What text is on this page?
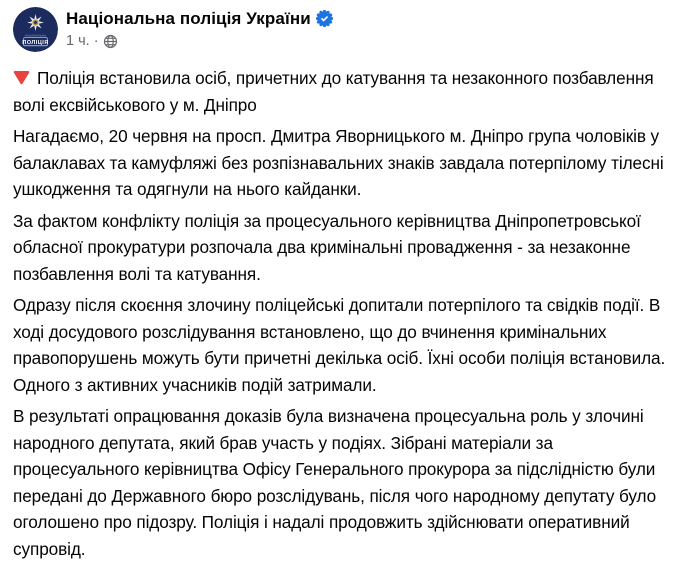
НАЦІОНАЛЬНА
ПОЛІЦІЯ
Національна поліція України
1 ч. ·

Поліція встановила осіб, причетних до катування та незаконного позбавлення волі ексвійськового у м. Дніпро

Нагадаємо, 20 червня на просп. Дмитра Яворницького м. Дніпро група чоловіків у балаклавах та камуфляжі без розпізнавальних знаків завдала потерпілому тілесні ушкодження та одягнули на нього кайданки.

За фактом конфлікту поліція за процесуального керівництва Дніпропетровської обласної прокуратури розпочала два кримінальні провадження - за незаконне позбавлення волі та катування.

Одразу після скоєння злочину поліцейські допитали потерпілого та свідків події. В ході досудового розслідування встановлено, що до вчинення кримінальних правопорушень можуть бути причетні декілька осіб. Їхні особи поліція встановила. Одного з активних учасників подій затримали.

В результаті опрацювання доказів була визначена процесуальна роль у злочині народного депутата, який брав участь у подіях. Зібрані матеріали за процесуального керівництва Офісу Генерального прокурора за підслідністю були передані до Державного бюро розслідувань, після чого народному депутату було оголошено про підозру. Поліція і надалі продовжить здійснювати оперативний супровід.
